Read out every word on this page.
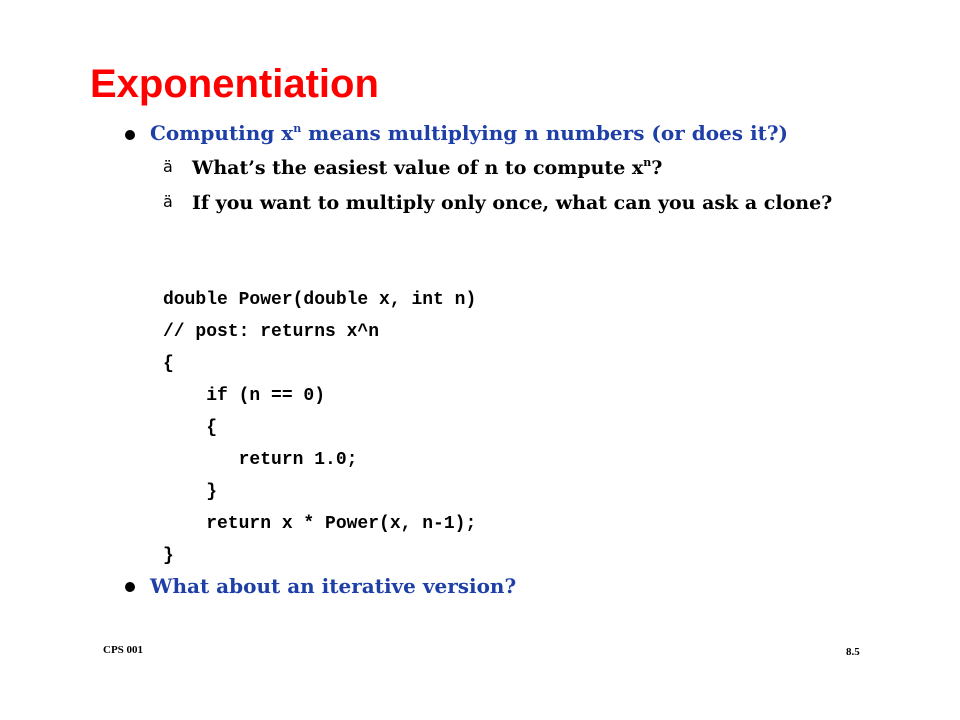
Exponentiation
Computing $x^n$ means multiplying n numbers (or does it?)
ä What’s the easiest value of n to compute $x^n$?
ä If you want to multiply only once, what can you ask a clone?
double Power(double x, int n)
// post: returns x^n
{
if (n == 0)
{
return 1.0;
}
return x * Power(x, n-1);
}
What about an iterative version?
CPS 001	8.5
